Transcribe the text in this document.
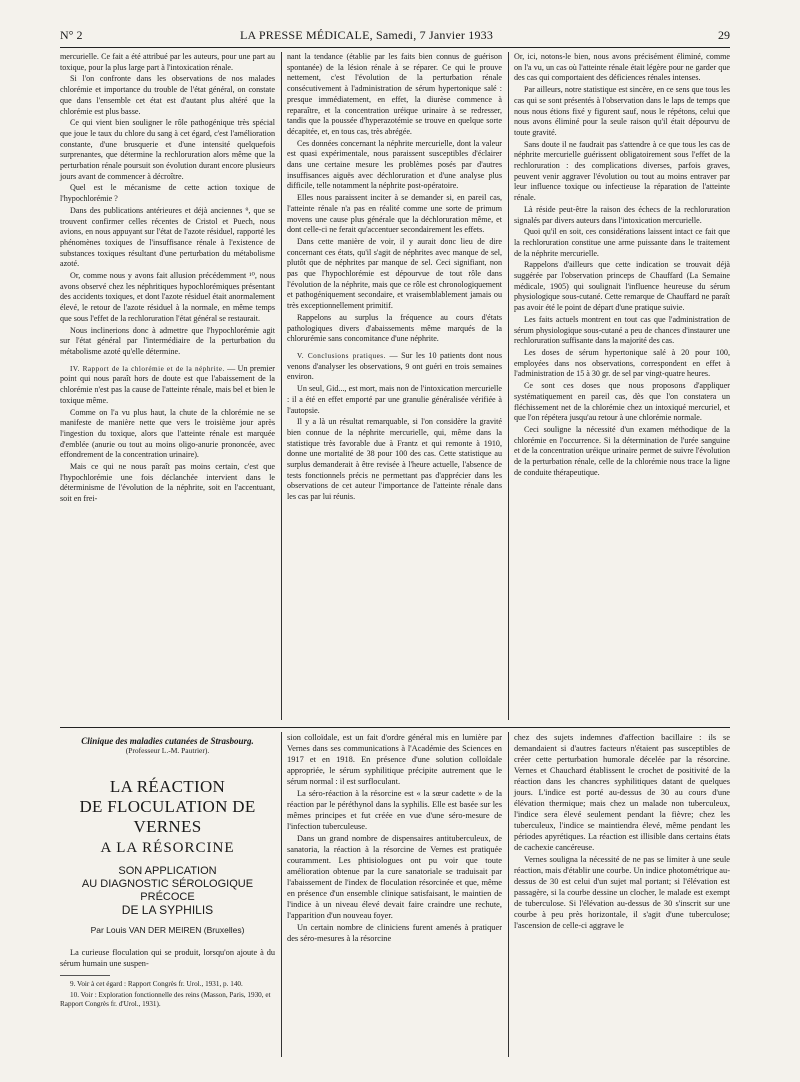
N° 2	LA PRESSE MÉDICALE, Samedi, 7 Janvier 1933	29

mercurielle. Ce fait a été attribué par les auteurs, pour une part au toxique, pour la plus large part à l'intoxication rénale.

Si l'on confronte dans les observations de nos malades chlorémie et importance du trouble de l'état général, on constate que dans l'ensemble cet état est d'autant plus altéré que la chlorémie est plus basse.

Ce qui vient bien souligner le rôle pathogénique très spécial que joue le taux du chlore du sang à cet égard, c'est l'amélioration constante, d'une brusquerie et d'une intensité quelquefois surprenantes, que détermine la rechloruration alors même que la perturbation rénale poursuit son évolution durant encore plusieurs jours avant de commencer à décroître.

Quel est le mécanisme de cette action toxique de l'hypochlorémie ?

Dans des publications antérieures et déjà anciennes ⁹, que se trouvent confirmer celles récentes de Cristol et Puech, nous avions, en nous appuyant sur l'état de l'azote résiduel, rapporté les phénomènes toxiques de l'insuffisance rénale à l'existence de substances toxiques résultant d'une perturbation du métabolisme azoté.

Or, comme nous y avons fait allusion précédemment ¹⁰, nous avons observé chez les néphritiques hypochlorémiques présentant des accidents toxiques, et dont l'azote résiduel était anormalement élevé, le retour de l'azote résiduel à la normale, en même temps que sous l'effet de la rechloruration l'état général se restaurait.

Nous inclinerions donc à admettre que l'hypochlorémie agit sur l'état général par l'intermédiaire de la perturbation du métabolisme azoté qu'elle détermine.

IV. Rapport de la chlorémie et de la néphrite. — Un premier point qui nous paraît hors de doute est que l'abaissement de la chlorémie n'est pas la cause de l'atteinte rénale, mais bel et bien le toxique même.

Comme on l'a vu plus haut, la chute de la chlorémie ne se manifeste de manière nette que vers le troisième jour après l'ingestion du toxique, alors que l'atteinte rénale est marquée d'emblée (anurie ou tout au moins oligo-anurie prononcée, avec effondrement de la concentration urinaire).

Mais ce qui ne nous paraît pas moins certain, c'est que l'hypochlorémie une fois déclanchée intervient dans le déterminisme de l'évolution de la néphrite, soit en l'accentuant, soit en frei-

nant la tendance (établie par les faits bien connus de guérison spontanée) de la lésion rénale à se réparer. Ce qui le prouve nettement, c'est l'évolution de la perturbation rénale consécutivement à l'administration de sérum hypertonique salé : presque immédiatement, en effet, la diurèse commence à reparaître, et la concentration uréique urinaire à se redresser, tandis que la poussée d'hyperazotémie se trouve en quelque sorte décapitée, et, en tous cas, très abrégée.

Ces données concernant la néphrite mercurielle, dont la valeur est quasi expérimentale, nous paraissent susceptibles d'éclairer dans une certaine mesure les problèmes posés par d'autres insuffisances aiguës avec déchloruration et d'une analyse plus difficile, telle notamment la néphrite post-opératoire.

Elles nous paraissent inciter à se demander si, en pareil cas, l'atteinte rénale n'a pas en réalité comme une sorte de primum movens une cause plus générale que la déchloruration même, et dont celle-ci ne ferait qu'accentuer secondairement les effets.

Dans cette manière de voir, il y aurait donc lieu de dire concernant ces états, qu'il s'agit de néphrites avec manque de sel, plutôt que de néphrites par manque de sel. Ceci signifiant, non pas que l'hypochlorémie est dépourvue de tout rôle dans l'évolution de la néphrite, mais que ce rôle est chronologiquement et pathogéniquement secondaire, et vraisemblablement jamais ou très exceptionnellement primitif.

Rappelons au surplus la fréquence au cours d'états pathologiques divers d'abaissements même marqués de la chlorurémie sans concomitance d'une néphrite.

V. Conclusions pratiques. — Sur les 10 patients dont nous venons d'analyser les observations, 9 ont guéri en trois semaines environ.

Un seul, Gid..., est mort, mais non de l'intoxication mercurielle : il a été en effet emporté par une granulie généralisée vérifiée à l'autopsie.

Il y a là un résultat remarquable, si l'on considère la gravité bien connue de la néphrite mercurielle, qui, même dans la statistique très favorable due à Frantz et qui remonte à 1910, donne une mortalité de 38 pour 100 des cas. Cette statistique au surplus demanderait à être revisée à l'heure actuelle, l'absence de tests fonctionnels précis ne permettant pas d'apprécier dans les observations de cet auteur l'importance de l'atteinte rénale dans les cas par lui réunis.

Or, ici, notons-le bien, nous avons précisément éliminé, comme on l'a vu, un cas où l'atteinte rénale était légère pour ne garder que des cas qui comportaient des déficiences rénales intenses.

Par ailleurs, notre statistique est sincère, en ce sens que tous les cas qui se sont présentés à l'observation dans le laps de temps que nous nous étions fixé y figurent sauf, nous le répétons, celui que nous avons éliminé pour la seule raison qu'il était dépourvu de toute gravité.

Sans doute il ne faudrait pas s'attendre à ce que tous les cas de néphrite mercurielle guérissent obligatoirement sous l'effet de la rechloruration : des complications diverses, parfois graves, peuvent venir aggraver l'évolution ou tout au moins entraver par leur influence toxique ou infectieuse la réparation de l'atteinte rénale.

Là réside peut-être la raison des échecs de la rechloruration signalés par divers auteurs dans l'intoxication mercurielle.

Quoi qu'il en soit, ces considérations laissent intact ce fait que la rechloruration constitue une arme puissante dans le traitement de la néphrite mercurielle.

Rappelons d'ailleurs que cette indication se trouvait déjà suggérée par l'observation princeps de Chauffard (La Semaine médicale, 1905) qui soulignait l'influence heureuse du sérum physiologique sous-cutané. Cette remarque de Chauffard ne paraît pas avoir été le point de départ d'une pratique suivie.

Les faits actuels montrent en tout cas que l'administration de sérum physiologique sous-cutané a peu de chances d'instaurer une rechloruration suffisante dans la majorité des cas.

Les doses de sérum hypertonique salé à 20 pour 100, employées dans nos observations, correspondent en effet à l'administration de 15 à 30 gr. de sel par vingt-quatre heures.

Ce sont ces doses que nous proposons d'appliquer systématiquement en pareil cas, dès que l'on constatera un fléchissement net de la chlorémie chez un intoxiqué mercuriel, et que l'on répétera jusqu'au retour à une chlorémie normale.

Ceci souligne la nécessité d'un examen méthodique de la chlorémie en l'occurrence. Si la détermination de l'urée sanguine et de la concentration uréique urinaire permet de suivre l'évolution de la perturbation rénale, celle de la chlorémie nous trace la ligne de conduite thérapeutique.

Clinique des maladies cutanées de Strasbourg.
(Professeur L.-M. Pautrier).
LA RÉACTION
DE FLOCULATION DE VERNES
A LA RÉSORCINE
SON APPLICATION
AU DIAGNOSTIC SÉROLOGIQUE PRÉCOCE
DE LA SYPHILIS
Par Louis VAN DER MEIREN (Bruxelles)

La curieuse floculation qui se produit, lorsqu'on ajoute à du sérum humain une suspen-

9. Voir à cet égard : Rapport Congrès fr. Urol., 1931, p. 140.

10. Voir : Exploration fonctionnelle des reins (Masson, Paris, 1930, et Rapport Congrès fr. d'Urol., 1931).

sion colloïdale, est un fait d'ordre général mis en lumière par Vernes dans ses communications à l'Académie des Sciences en 1917 et en 1918. En présence d'une solution colloïdale appropriée, le sérum syphilitique précipite autrement que le sérum normal : il est surfloculant.

La séro-réaction à la résorcine est « la sœur cadette » de la réaction par le péréthynol dans la syphilis. Elle est basée sur les mêmes principes et fut créée en vue d'une séro-mesure de l'infection tuberculeuse.

Dans un grand nombre de dispensaires antituberculeux, de sanatoria, la réaction à la résorcine de Vernes est pratiquée couramment. Les phtisiologues ont pu voir que toute amélioration obtenue par la cure sanatoriale se traduisait par l'abaissement de l'index de floculation résorcinée et que, même en présence d'un ensemble clinique satisfaisant, le maintien de l'indice à un niveau élevé devait faire craindre une rechute, l'apparition d'un nouveau foyer.

Un certain nombre de cliniciens furent amenés à pratiquer des séro-mesures à la résorcine

chez des sujets indemnes d'affection bacillaire : ils se demandaient si d'autres facteurs n'étaient pas susceptibles de créer cette perturbation humorale décelée par la résorcine. Vernes et Chauchard établissent le crochet de positivité de la réaction dans les chancres syphilitiques datant de quelques jours. L'indice est porté au-dessus de 30 au cours d'une élévation thermique; mais chez un malade non tuberculeux, l'indice sera élevé seulement pendant la fièvre; chez les tuberculeux, l'indice se maintiendra élevé, même pendant les périodes apyrétiques. La réaction est illisible dans certains états de cachexie cancéreuse.

Vernes souligna la nécessité de ne pas se limiter à une seule réaction, mais d'établir une courbe. Un indice photométrique au-dessus de 30 est celui d'un sujet mal portant; si l'élévation est passagère, si la courbe dessine un clocher, le malade est exempt de tuberculose. Si l'élévation au-dessus de 30 s'inscrit sur une courbe à peu près horizontale, il s'agit d'une tuberculose; l'ascension de celle-ci aggrave le
